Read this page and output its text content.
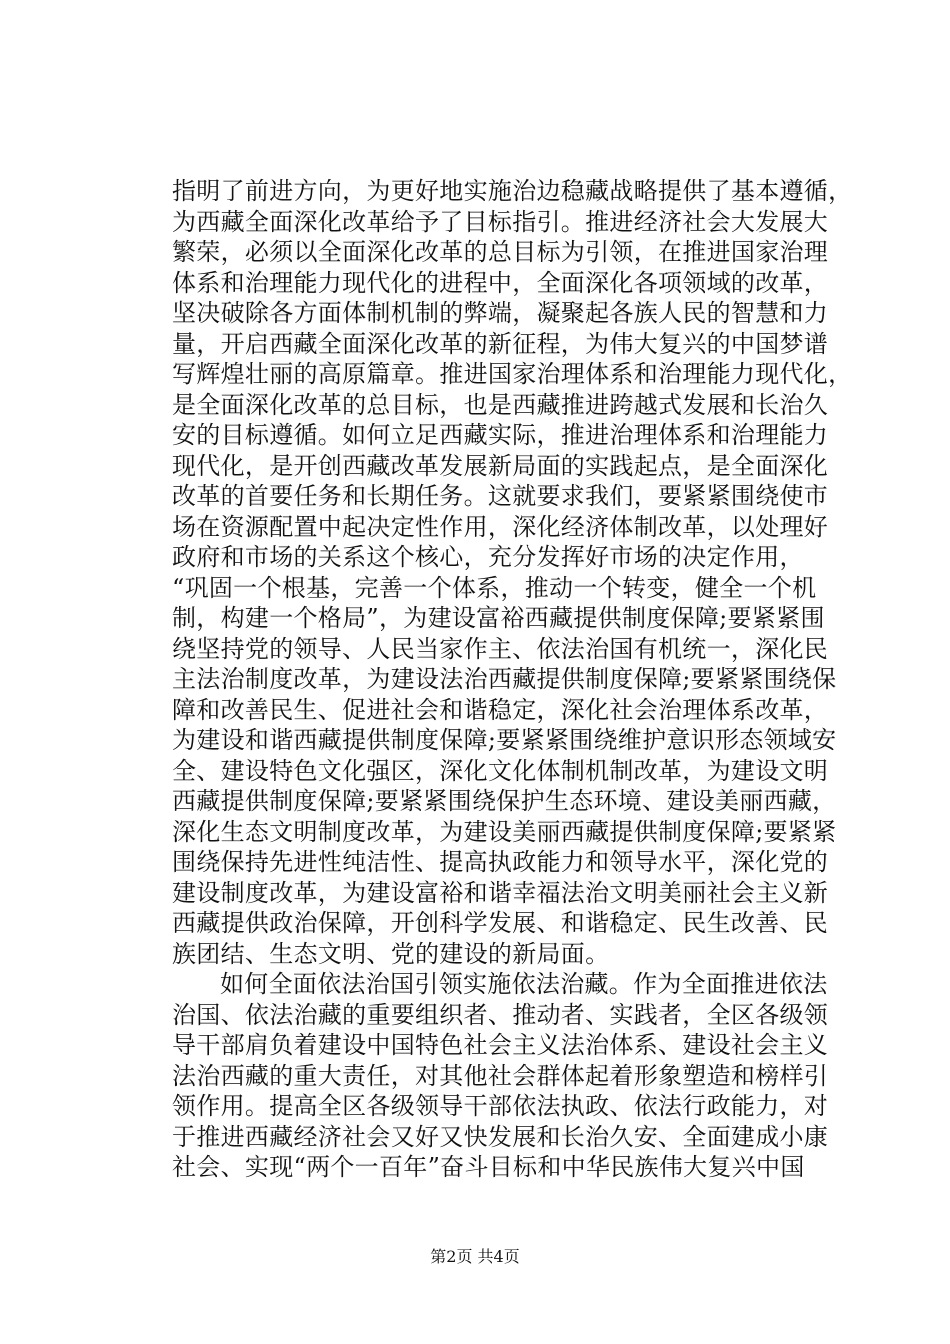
指明了前进方向，为更好地实施治边稳藏战略提供了基本遵循，
为西藏全面深化改革给予了目标指引。推进经济社会大发展大
繁荣，必须以全面深化改革的总目标为引领，在推进国家治理
体系和治理能力现代化的进程中，全面深化各项领域的改革，
坚决破除各方面体制机制的弊端，凝聚起各族人民的智慧和力
量，开启西藏全面深化改革的新征程，为伟大复兴的中国梦谱
写辉煌壮丽的高原篇章。推进国家治理体系和治理能力现代化，
是全面深化改革的总目标，也是西藏推进跨越式发展和长治久
安的目标遵循。如何立足西藏实际，推进治理体系和治理能力
现代化，是开创西藏改革发展新局面的实践起点，是全面深化
改革的首要任务和长期任务。这就要求我们，要紧紧围绕使市
场在资源配置中起决定性作用，深化经济体制改革，以处理好
政府和市场的关系这个核心，充分发挥好市场的决定作用，
“巩固一个根基，完善一个体系，推动一个转变，健全一个机
制，构建一个格局”，为建设富裕西藏提供制度保障;要紧紧围
绕坚持党的领导、人民当家作主、依法治国有机统一，深化民
主法治制度改革，为建设法治西藏提供制度保障;要紧紧围绕保
障和改善民生、促进社会和谐稳定，深化社会治理体系改革，
为建设和谐西藏提供制度保障;要紧紧围绕维护意识形态领域安
全、建设特色文化强区，深化文化体制机制改革，为建设文明
西藏提供制度保障;要紧紧围绕保护生态环境、建设美丽西藏，
深化生态文明制度改革，为建设美丽西藏提供制度保障;要紧紧
围绕保持先进性纯洁性、提高执政能力和领导水平，深化党的
建设制度改革，为建设富裕和谐幸福法治文明美丽社会主义新
西藏提供政治保障，开创科学发展、和谐稳定、民生改善、民
族团结、生态文明、党的建设的新局面。
如何全面依法治国引领实施依法治藏。作为全面推进依法
治国、依法治藏的重要组织者、推动者、实践者，全区各级领
导干部肩负着建设中国特色社会主义法治体系、建设社会主义
法治西藏的重大责任，对其他社会群体起着形象塑造和榜样引
领作用。提高全区各级领导干部依法执政、依法行政能力，对
于推进西藏经济社会又好又快发展和长治久安、全面建成小康
社会、实现“两个一百年”奋斗目标和中华民族伟大复兴中国
第2页 共4页
